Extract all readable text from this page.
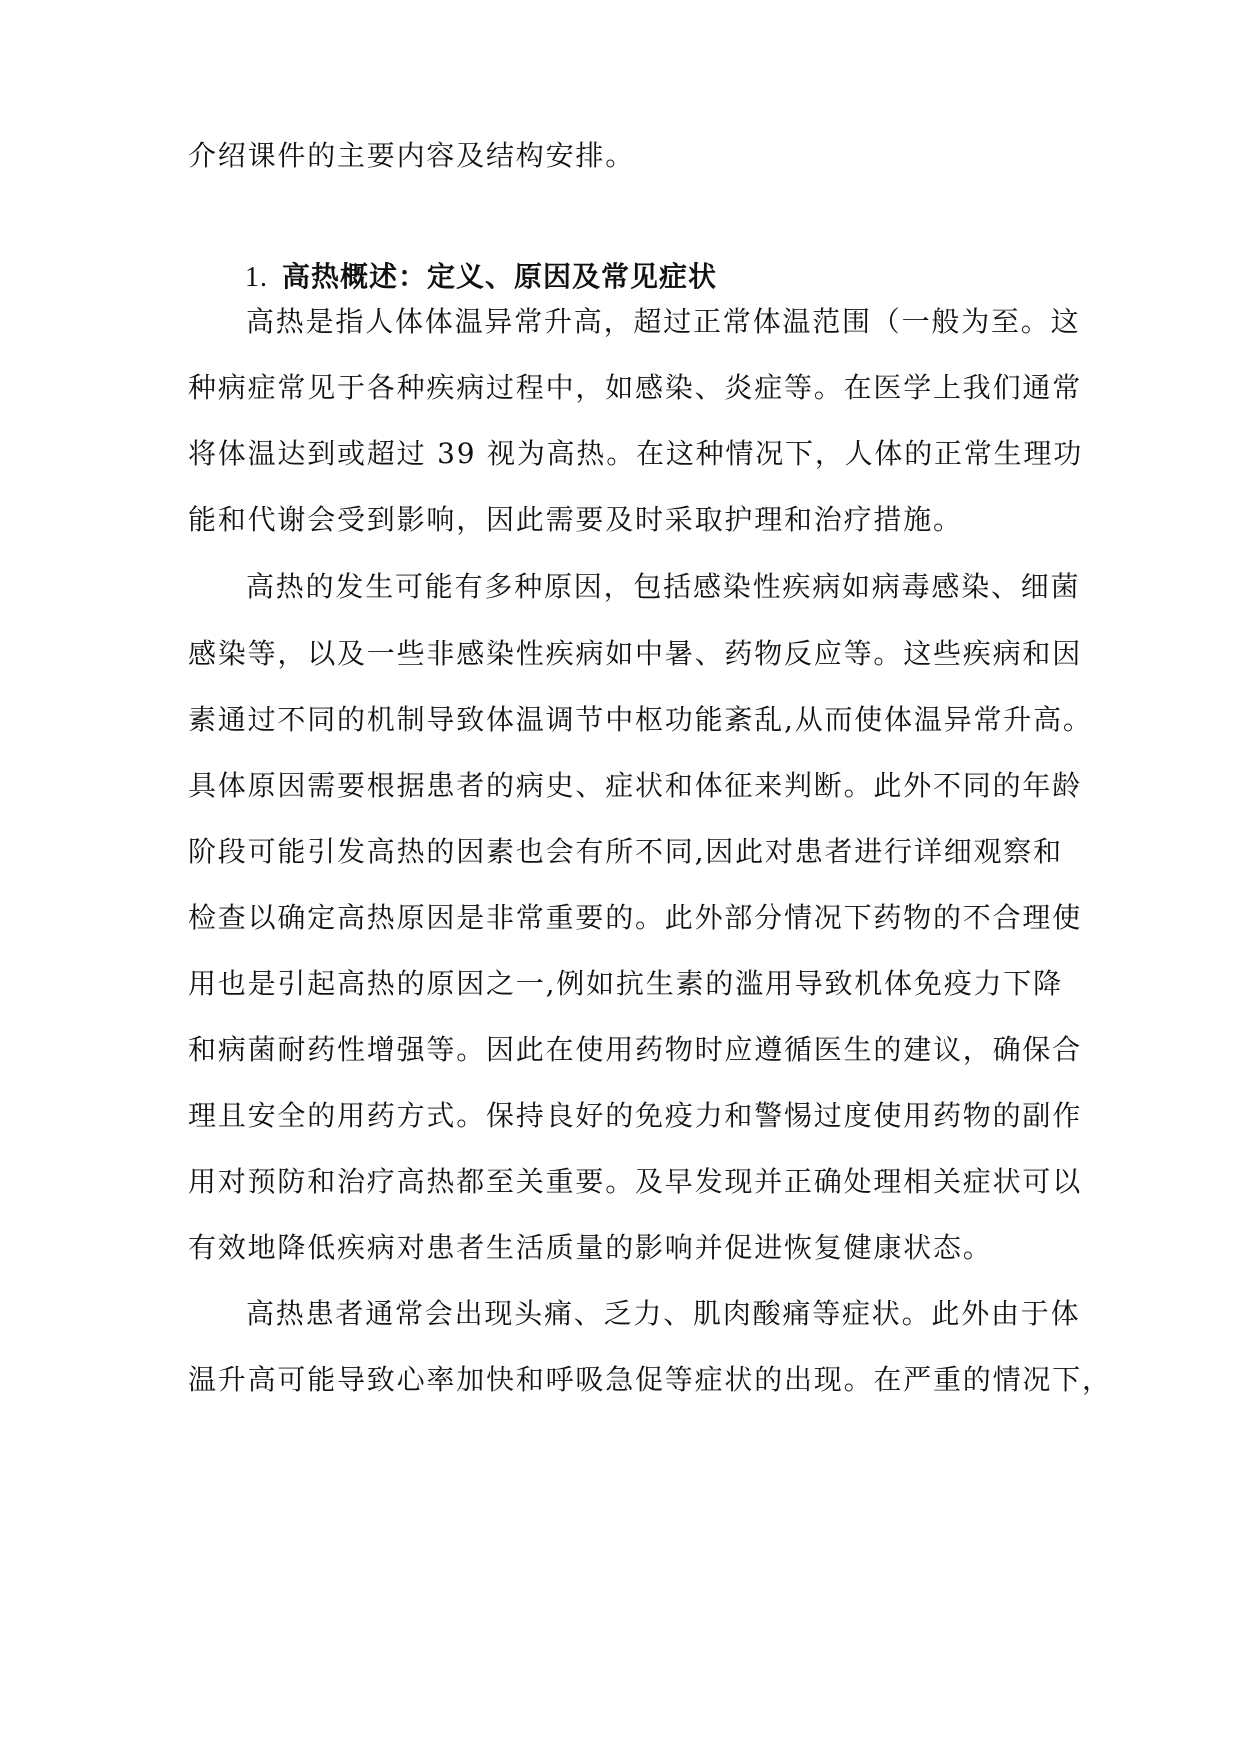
介绍课件的主要内容及结构安排。
1. 高热概述：定义、原因及常见症状
高热是指人体体温异常升高，超过正常体温范围（一般为至。这
种病症常见于各种疾病过程中，如感染、炎症等。在医学上我们通常
将体温达到或超过 39 视为高热。在这种情况下，人体的正常生理功
能和代谢会受到影响，因此需要及时采取护理和治疗措施。
高热的发生可能有多种原因，包括感染性疾病如病毒感染、细菌
感染等，以及一些非感染性疾病如中暑、药物反应等。这些疾病和因
素通过不同的机制导致体温调节中枢功能紊乱,从而使体温异常升高。
具体原因需要根据患者的病史、症状和体征来判断。此外不同的年龄
阶段可能引发高热的因素也会有所不同,因此对患者进行详细观察和
检查以确定高热原因是非常重要的。此外部分情况下药物的不合理使
用也是引起高热的原因之一,例如抗生素的滥用导致机体免疫力下降
和病菌耐药性增强等。因此在使用药物时应遵循医生的建议，确保合
理且安全的用药方式。保持良好的免疫力和警惕过度使用药物的副作
用对预防和治疗高热都至关重要。及早发现并正确处理相关症状可以
有效地降低疾病对患者生活质量的影响并促进恢复健康状态。
高热患者通常会出现头痛、乏力、肌肉酸痛等症状。此外由于体
温升高可能导致心率加快和呼吸急促等症状的出现。在严重的情况下，
